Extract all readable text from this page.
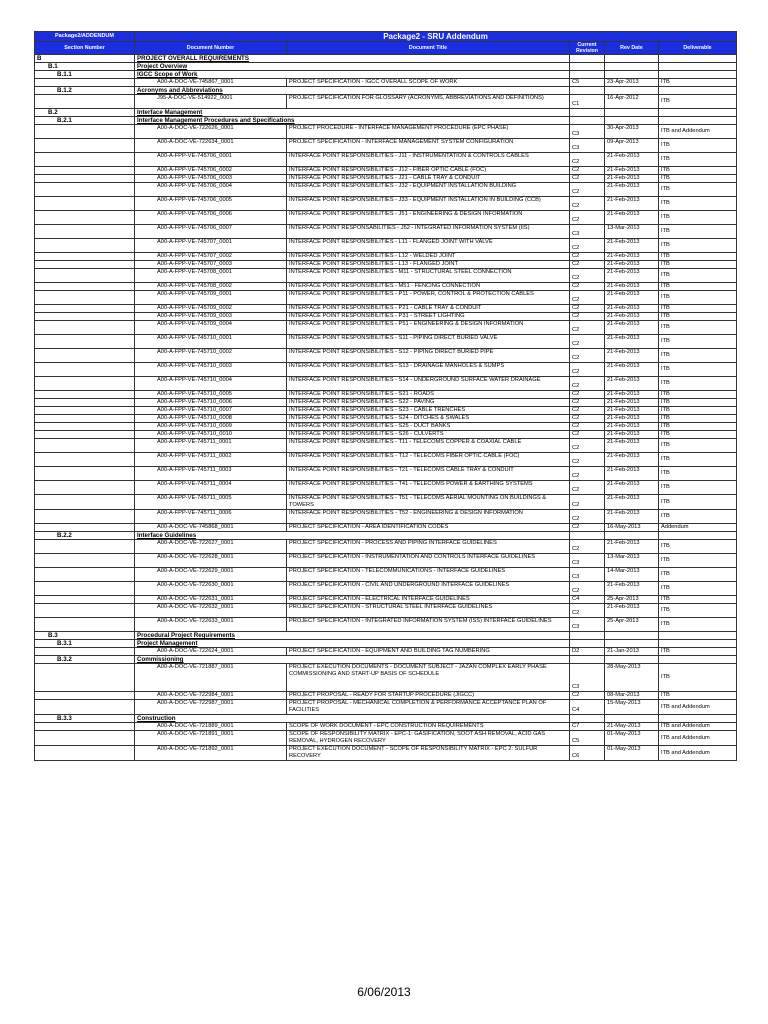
Package2/ADDENDUM	Package2 - SRU Addendum				
Section Number	Document Number	Document Title	Current Revision	Rev Date	Deliverable
B	PROJECT OVERALL REQUIREMENTS				
B.1	Project Overview				
B.1.1	IGCC Scope of Work				
	A00-A-DOC-VE-745867_0001	PROJECT SPECIFICATION - IGCC OVERALL SCOPE OF WORK	C5	23-Apr-2013	ITB
B.1.2	Acronyms and Abbreviations				
	J95-A-DOC-VE-514922_0001	PROJECT SPECIFICATION FOR GLOSSARY (ACRONYMS, ABBREVIATIONS AND DEFINITIONS)	C1	16-Apr-2012	ITB
B.2	Interface Management				
B.2.1	Interface Management Procedures and Specifications				
	A00-A-DOC-VE-722626_0001	PROJECT PROCEDURE - INTERFACE MANAGEMENT PROCEDURE (EPC PHASE)	C3	30-Apr-2013	ITB and Addendum
	A00-A-DOC-VE-722634_0001	PROJECT SPECIFICATION - INTERFACE MANAGEMENT SYSTEM CONFIGURATION	C3	09-Apr-2013	ITB
	A00-A-FPP-VE-745706_0001	INTERFACE POINT RESPONSIBILITIES - J11 - INSTRUMENTATION & CONTROLS CABLES	C2	21-Feb-2013	ITB
	A00-A-FPP-VE-745706_0002	INTERFACE POINT RESPONSIBILITIES - J12 - FIBER OPTIC CABLE (FOC)	C2	21-Feb-2013	ITB
	A00-A-FPP-VE-745706_0003	INTERFACE POINT RESPONSIBILITIES - J21 - CABLE TRAY & CONDUIT	C2	21-Feb-2013	ITB
	A00-A-FPP-VE-745706_0004	INTERFACE POINT RESPONSIBILITIES - J32 - EQUIPMENT INSTALLATION BUILDING	C2	21-Feb-2013	ITB
	A00-A-FPP-VE-745706_0005	INTERFACE POINT RESPONSIBILITIES - J33 - EQUIPMENT INSTALLATION IN BUILDING (CCB)	C2	21-Feb-2013	ITB
	A00-A-FPP-VE-745706_0006	INTERFACE POINT RESPONSIBILITIES - J51 - ENGINEERING & DESIGN INFORMATION	C2	21-Feb-2013	ITB
	A00-A-FPP-VE-745706_0007	INTERFACE POINT RESPONSABILITIES - J52 - INTEGRATED INFORMATION SYSTEM (IIS)	C3	13-Mar-2013	ITB
	A00-A-FPP-VE-745707_0001	INTERFACE POINT RESPONSIBILITIES - L11 - FLANGED JOINT WITH VALVE	C2	21-Feb-2013	ITB
	A00-A-FPP-VE-745707_0002	INTERFACE POINT RESPONSIBILITIES - L12 - WELDED JOINT	C2	21-Feb-2013	ITB
	A00-A-FPP-VE-745707_0003	INTERFACE POINT RESPONSIBILITIES - L13 - FLANGED JOINT	C2	21-Feb-2013	ITB
	A00-A-FPP-VE-745708_0001	INTERFACE POINT RESPONSIBILITIES - M11 - STRUCTURAL STEEL CONNECTION	C2	21-Feb-2013	ITB
	A00-A-FPP-VE-745708_0002	INTERFACE POINT RESPONSIBILITIES - M51 - FENCING CONNECTION	C2	21-Feb-2013	ITB
	A00-A-FPP-VE-745709_0001	INTERFACE POINT RESPONSIBILITIES - P11 - POWER, CONTROL & PROTECTION CABLES	C2	21-Feb-2013	ITB
	A00-A-FPP-VE-745709_0002	INTERFACE POINT RESPONSIBILITIES - P21 - CABLE TRAY & CONDUIT	C2	21-Feb-2013	ITB
	A00-A-FPP-VE-745709_0003	INTERFACE POINT RESPONSIBILITIES - P31 - STREET LIGHTING	C2	21-Feb-2013	ITB
	A00-A-FPP-VE-745709_0004	INTERFACE POINT RESPONSIBILITIES - P51 - ENGINEERING & DESIGN INFORMATION	C2	21-Feb-2013	ITB
	A00-A-FPP-VE-745710_0001	INTERFACE POINT RESPONSIBILITIES - S11 - PIPING DIRECT BURIED VALVE	C2	21-Feb-2013	ITB
	A00-A-FPP-VE-745710_0002	INTERFACE POINT RESPONSIBILITIES - S12 - PIPING DIRECT BURIED PIPE	C2	21-Feb-2013	ITB
	A00-A-FPP-VE-745710_0003	INTERFACE POINT RESPONSIBILITIES - S13 - DRAINAGE MANHOLES & SUMPS	C2	21-Feb-2013	ITB
	A00-A-FPP-VE-745710_0004	INTERFACE POINT RESPONSIBILITIES - S14 - UNDERGROUND SURFACE WATER DRAINAGE	C2	21-Feb-2013	ITB
	A00-A-FPP-VE-745710_0005	INTERFACE POINT RESPONSIBILITIES - S21 - ROADS	C2	21-Feb-2013	ITB
	A00-A-FPP-VE-745710_0006	INTERFACE POINT RESPONSIBILITIES - S22 - PAVING	C2	21-Feb-2013	ITB
	A00-A-FPP-VE-745710_0007	INTERFACE POINT RESPONSIBILITIES - S23 - CABLE TRENCHES	C2	21-Feb-2013	ITB
	A00-A-FPP-VE-745710_0008	INTERFACE POINT RESPONSIBILITIES - S24 - DITCHES & SWALES	C2	21-Feb-2013	ITB
	A00-A-FPP-VE-745710_0009	INTERFACE POINT RESPONSIBILITIES - S25 - DUCT BANKS	C2	21-Feb-2013	ITB
	A00-A-FPP-VE-745710_0010	INTERFACE POINT RESPONSIBILITIES - S26 - CULVERTS	C2	21-Feb-2013	ITB
	A00-A-FPP-VE-745711_0001	INTERFACE POINT RESPONSIBILITIES - T11 - TELECOMS COPPER & COAXIAL CABLE	C2	21-Feb-2013	ITB
	A00-A-FPP-VE-745711_0002	INTERFACE POINT RESPONSIBILITIES - T12 - TELECOMS FIBER OPTIC CABLE (FOC)	C2	21-Feb-2013	ITB
	A00-A-FPP-VE-745711_0003	INTERFACE POINT RESPONSIBILITIES - T21 - TELECOMS CABLE TRAY & CONDUIT	C2	21-Feb-2013	ITB
	A00-A-FPP-VE-745711_0004	INTERFACE POINT RESPONSIBILITIES - T41 - TELECOMS POWER & EARTHING SYSTEMS	C2	21-Feb-2013	ITB
	A00-A-FPP-VE-745711_0005	INTERFACE POINT RESPONSIBILITIES - T51 - TELECOMS AERIAL MOUNTING ON BUILDINGS & TOWERS	C2	21-Feb-2013	ITB
	A00-A-FPP-VE-745711_0006	INTERFACE POINT RESPONSIBILITIES - T52 - ENGINEERING & DESIGN INFORMATION	C2	21-Feb-2013	ITB
	A00-A-DOC-VE-745868_0001	PROJECT SPECIFICATION - AREA IDENTIFICATION CODES	C2	16-May-2013	Addendum
B.2.2	Interface Guidelines				
	A00-A-DOC-VE-722627_0001	PROJECT SPECIFICATION - PROCESS AND PIPING INTERFACE GUIDELINES	C2	21-Feb-2013	ITB
	A00-A-DOC-VE-722628_0001	PROJECT SPECIFICATION - INSTRUMENTATION AND CONTROLS INTERFACE GUIDELINES	C3	13-Mar-2013	ITB
	A00-A-DOC-VE-722629_0001	PROJECT SPECIFICATION - TELECOMMUNICATIONS - INTERFACE GUIDELINES	C3	14-Mar-2013	ITB
	A00-A-DOC-VE-722630_0001	PROJECT SPECIFICATION - CIVIL AND UNDERGROUND INTERFACE GUIDELINES	C2	21-Feb-2013	ITB
	A00-A-DOC-VE-722631_0001	PROJECT SPECIFICATION - ELECTRICAL INTERFACE GUIDELINES	C4	25-Apr-2013	ITB
	A00-A-DOC-VE-722632_0001	PROJECT SPECIFICATION - STRUCTURAL STEEL INTERFACE GUIDELINES	C2	21-Feb-2013	ITB
	A00-A-DOC-VE-722633_0001	PROJECT SPECIFICATION - INTEGRATED INFORMATION SYSTEM (ISS) INTERFACE GUIDELINES	C3	25-Apr-2013	ITB
B.3	Procedural Project Requirements				
B.3.1	Project Management				
	A00-A-DOC-VE-722624_0001	PROJECT SPECIFICATION - EQUIPMENT AND BUILDING TAG NUMBERING	D2	21-Jan-2013	ITB
B.3.2	Commissioning				
	A00-A-DOC-VE-721887_0001	PROJECT EXECUTION DOCUMENTS - DOCUMENT SUBJECT - JAZAN COMPLEX EARLY PHASE COMMISSIONING AND START-UP BASIS OF SCHEDULE	C3	28-May-2013	ITB
	A00-A-DOC-VE-722984_0001	PROJECT PROPOSAL - READY FOR STARTUP PROCEDURE (JIGCC)	C2	08-Mar-2013	ITB
	A00-A-DOC-VE-722987_0001	PROJECT PROPOSAL - MECHANICAL COMPLETION & PERFORMANCE ACCEPTANCE PLAN OF FACILITIES	C4	15-May-2013	ITB and Addendum
B.3.3	Construction				
	A00-A-DOC-VE-721889_0001	SCOPE OF WORK DOCUMENT - EPC CONSTRUCTION REQUIREMENTS	C7	21-May-2013	ITB and Addendum
	A00-A-DOC-VE-721891_0001	SCOPE OF RESPONSIBILITY MATRIX - EPC-1: GASIFICATION, SOOT ASH REMOVAL, ACID GAS REMOVAL, HYDROGEN RECOVERY	C5	01-May-2013	ITB and Addendum
	A00-A-DOC-VE-721892_0001	PROJECT EXECUTION DOCUMENT - SCOPE OF RESPONSIBILITY MATRIX - EPC 2: SULFUR RECOVERY	C6	01-May-2013	ITB and Addendum
6/06/2013
